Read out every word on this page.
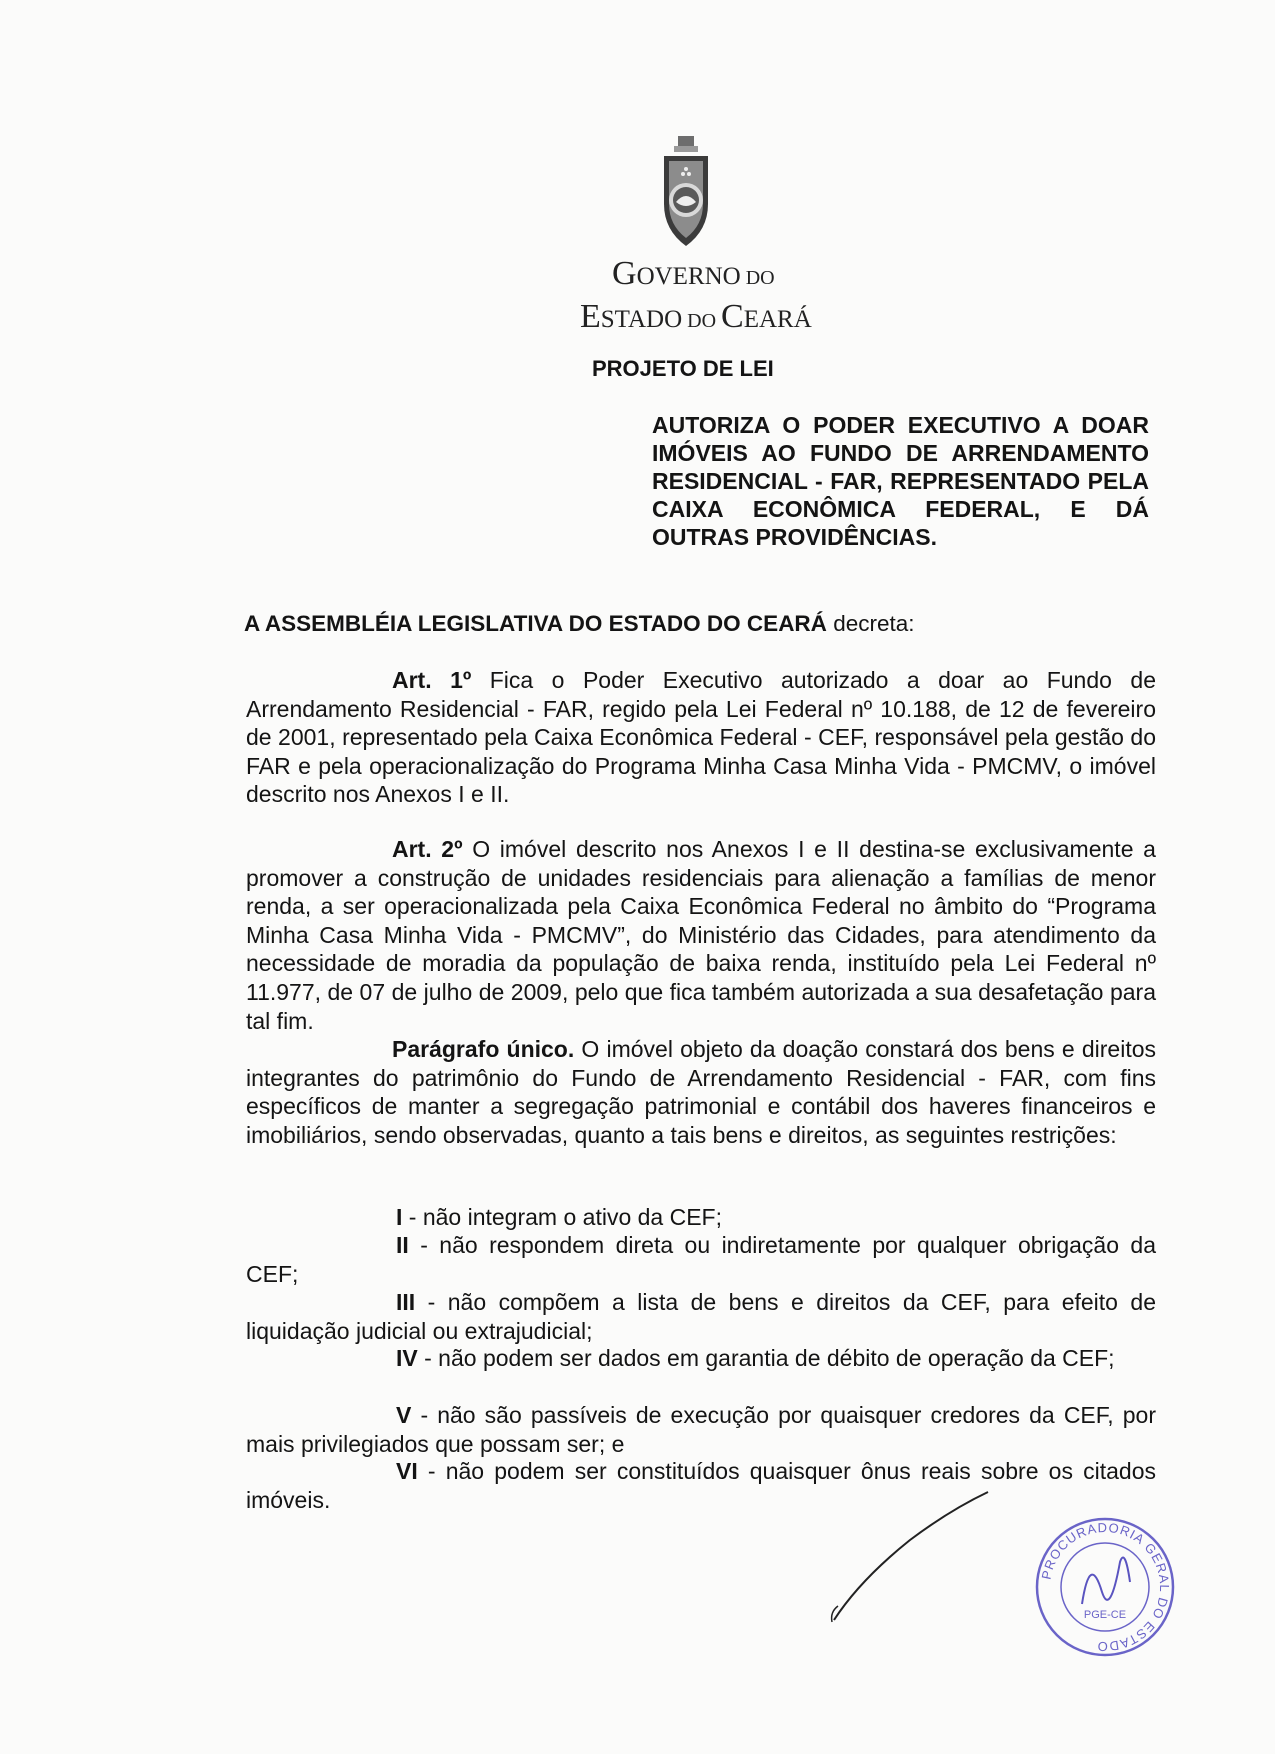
GOVERNO DO
ESTADO DO CEARÁ
PROJETO DE LEI

AUTORIZA O PODER EXECUTIVO A DOAR IMÓVEIS AO FUNDO DE ARRENDAMENTO RESIDENCIAL - FAR, REPRESENTADO PELA CAIXA ECONÔMICA FEDERAL, E DÁ OUTRAS PROVIDÊNCIAS.

A ASSEMBLÉIA LEGISLATIVA DO ESTADO DO CEARÁ decreta:

Art. 1º Fica o Poder Executivo autorizado a doar ao Fundo de Arrendamento Residencial - FAR, regido pela Lei Federal nº 10.188, de 12 de fevereiro de 2001, representado pela Caixa Econômica Federal - CEF, responsável pela gestão do FAR e pela operacionalização do Programa Minha Casa Minha Vida - PMCMV, o imóvel descrito nos Anexos I e II.

Art. 2º O imóvel descrito nos Anexos I e II destina-se exclusivamente a promover a construção de unidades residenciais para alienação a famílias de menor renda, a ser operacionalizada pela Caixa Econômica Federal no âmbito do “Programa Minha Casa Minha Vida - PMCMV”, do Ministério das Cidades, para atendimento da necessidade de moradia da população de baixa renda, instituído pela Lei Federal nº 11.977, de 07 de julho de 2009, pelo que fica também autorizada a sua desafetação para tal fim.

Parágrafo único. O imóvel objeto da doação constará dos bens e direitos integrantes do patrimônio do Fundo de Arrendamento Residencial - FAR, com fins específicos de manter a segregação patrimonial e contábil dos haveres financeiros e imobiliários, sendo observadas, quanto a tais bens e direitos, as seguintes restrições:

I - não integram o ativo da CEF;

II - não respondem direta ou indiretamente por qualquer obrigação da CEF;

III - não compõem a lista de bens e direitos da CEF, para efeito de liquidação judicial ou extrajudicial;

IV - não podem ser dados em garantia de débito de operação da CEF;

V - não são passíveis de execução por quaisquer credores da CEF, por mais privilegiados que possam ser; e

VI - não podem ser constituídos quaisquer ônus reais sobre os citados imóveis.

PROCURADORIA GERAL DO ESTADO
PGE-CE
